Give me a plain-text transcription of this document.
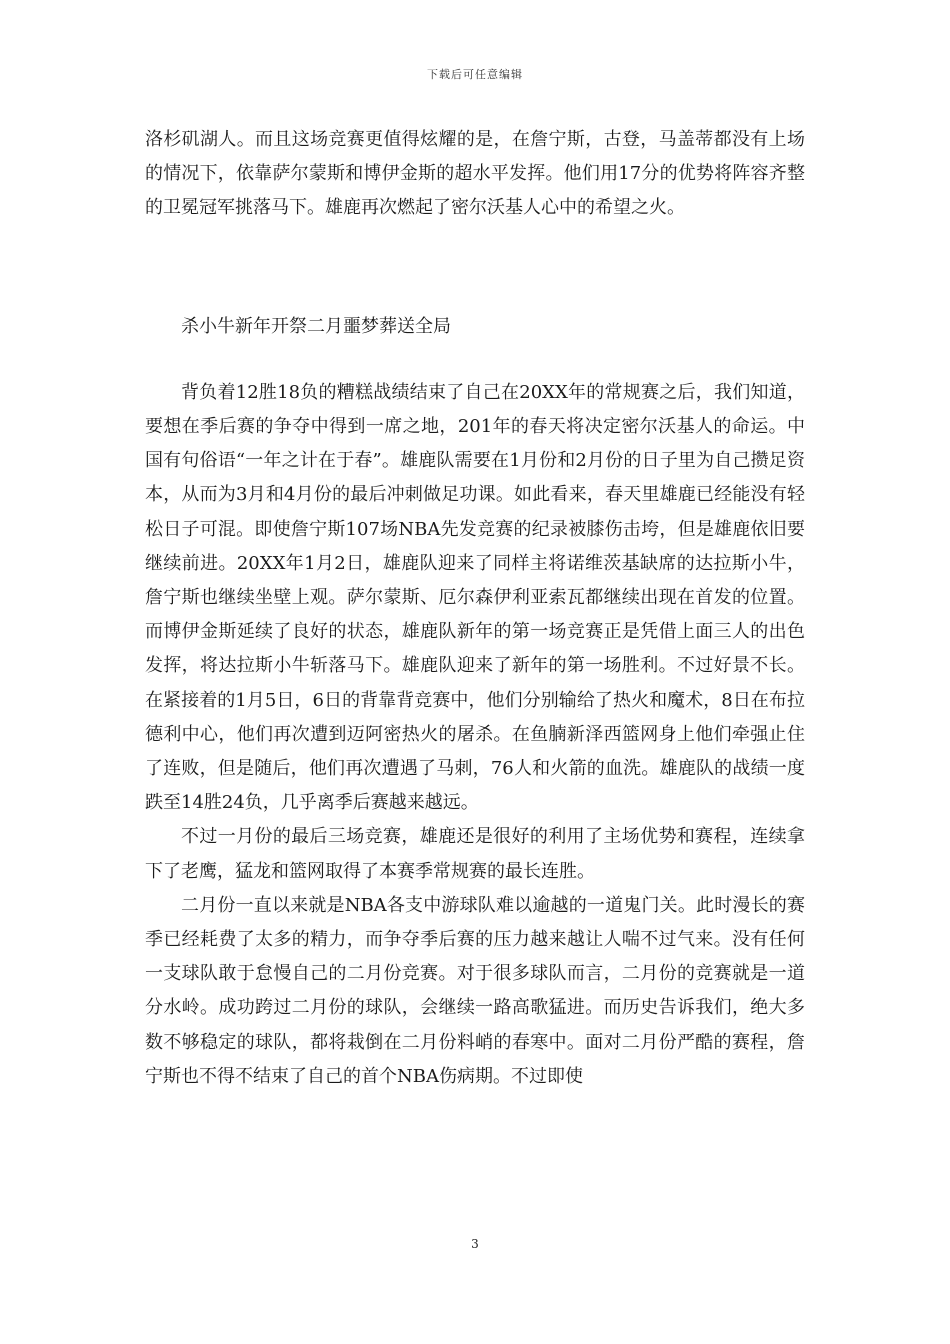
下载后可任意编辑

洛杉矶湖人。而且这场竞赛更值得炫耀的是，在詹宁斯，古登，马盖蒂都没有上场的情况下，依靠萨尔蒙斯和博伊金斯的超水平发挥。他们用17分的优势将阵容齐整的卫冕冠军挑落马下。雄鹿再次燃起了密尔沃基人心中的希望之火。

杀小牛新年开祭二月噩梦葬送全局

背负着12胜18负的糟糕战绩结束了自己在20XX年的常规赛之后，我们知道，要想在季后赛的争夺中得到一席之地，201年的春天将决定密尔沃基人的命运。中国有句俗语“一年之计在于春”。雄鹿队需要在1月份和2月份的日子里为自己攒足资本，从而为3月和4月份的最后冲刺做足功课。如此看来，春天里雄鹿已经能没有轻松日子可混。即使詹宁斯107场NBA先发竞赛的纪录被膝伤击垮，但是雄鹿依旧要继续前进。20XX年1月2日，雄鹿队迎来了同样主将诺维茨基缺席的达拉斯小牛，詹宁斯也继续坐壁上观。萨尔蒙斯、厄尔森伊利亚索瓦都继续出现在首发的位置。而博伊金斯延续了良好的状态，雄鹿队新年的第一场竞赛正是凭借上面三人的出色发挥，将达拉斯小牛斩落马下。雄鹿队迎来了新年的第一场胜利。不过好景不长。在紧接着的1月5日，6日的背靠背竞赛中，他们分别输给了热火和魔术，8日在布拉德利中心，他们再次遭到迈阿密热火的屠杀。在鱼腩新泽西篮网身上他们牵强止住了连败，但是随后，他们再次遭遇了马刺，76人和火箭的血洗。雄鹿队的战绩一度跌至14胜24负，几乎离季后赛越来越远。

不过一月份的最后三场竞赛，雄鹿还是很好的利用了主场优势和赛程，连续拿下了老鹰，猛龙和篮网取得了本赛季常规赛的最长连胜。

二月份一直以来就是NBA各支中游球队难以逾越的一道鬼门关。此时漫长的赛季已经耗费了太多的精力，而争夺季后赛的压力越来越让人喘不过气来。没有任何一支球队敢于怠慢自己的二月份竞赛。对于很多球队而言，二月份的竞赛就是一道分水岭。成功跨过二月份的球队，会继续一路高歌猛进。而历史告诉我们，绝大多数不够稳定的球队，都将栽倒在二月份料峭的春寒中。面对二月份严酷的赛程，詹宁斯也不得不结束了自己的首个NBA伤病期。不过即使

3
